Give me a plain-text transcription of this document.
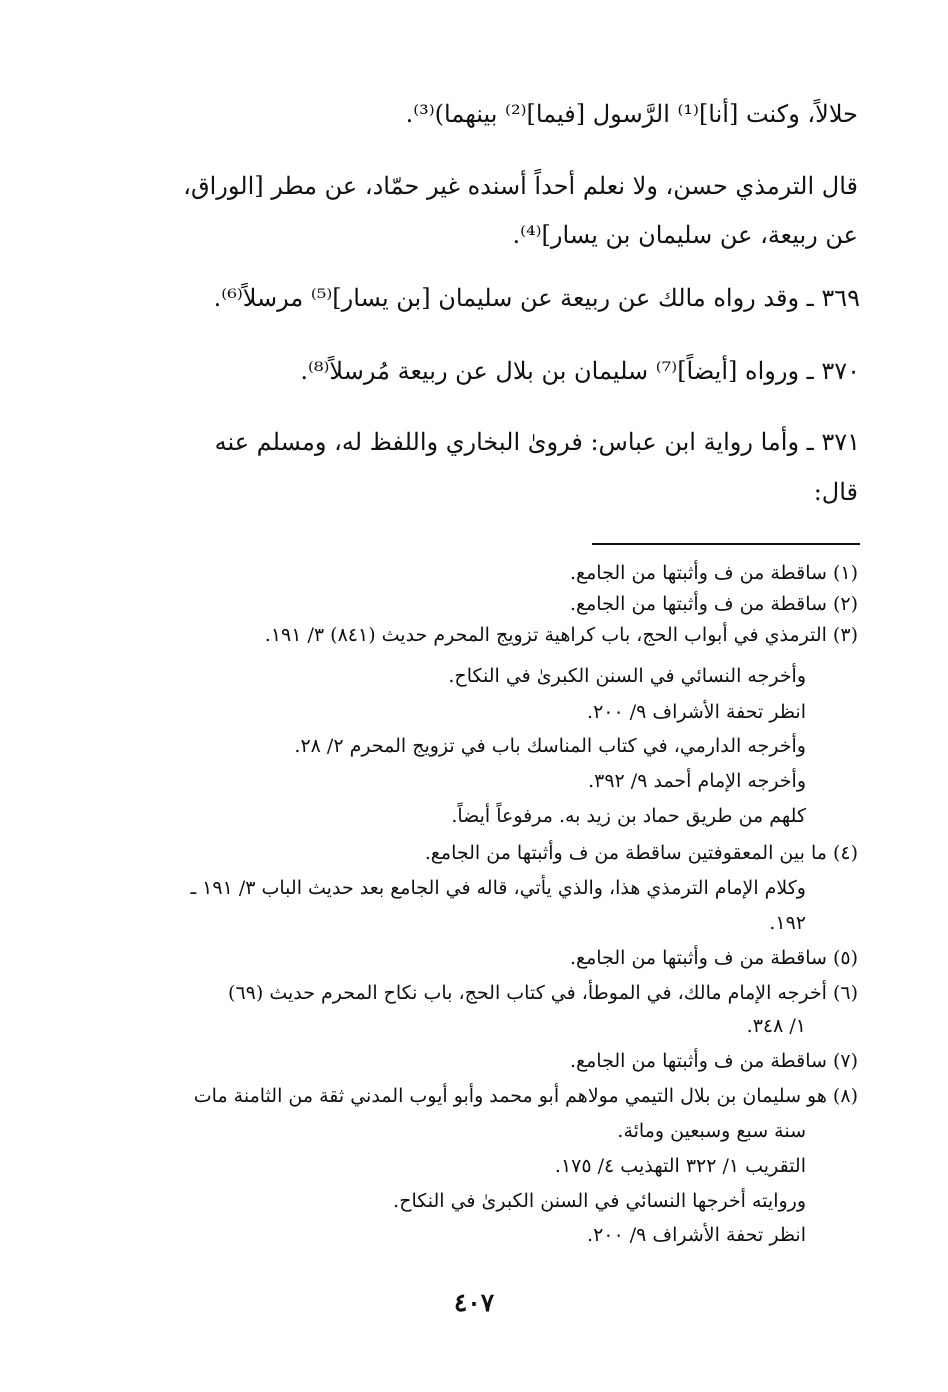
حلالاً، وكنت [أنا]⁽¹⁾ الرَّسول [فيما]⁽²⁾ بينهما)⁽³⁾.
قال الترمذي حسن، ولا نعلم أحداً أسنده غير حمّاد، عن مطر [الوراق،
عن ربيعة، عن سليمان بن يسار]⁽⁴⁾.
٣٦٩ ـ وقد رواه مالك عن ربيعة عن سليمان [بن يسار]⁽⁵⁾ مرسلاً⁽⁶⁾.
٣٧٠ ـ ورواه [أيضاً]⁽⁷⁾ سليمان بن بلال عن ربيعة مُرسلاً⁽⁸⁾.
٣٧١ ـ وأما رواية ابن عباس: فروىٰ البخاري واللفظ له، ومسلم عنه
قال:
(١) ساقطة من ف وأثبتها من الجامع.
(٢) ساقطة من ف وأثبتها من الجامع.
(٣) الترمذي في أبواب الحج، باب كراهية تزويج المحرم حديث (٨٤١) ٣/ ١٩١.
وأخرجه النسائي في السنن الكبرىٰ في النكاح.
انظر تحفة الأشراف ٩/ ٢٠٠.
وأخرجه الدارمي، في كتاب المناسك باب في تزويج المحرم ٢/ ٢٨.
وأخرجه الإمام أحمد ٩/ ٣٩٢.
كلهم من طريق حماد بن زيد به. مرفوعاً أيضاً.
(٤) ما بين المعقوفتين ساقطة من ف وأثبتها من الجامع.
وكلام الإمام الترمذي هذا، والذي يأتي، قاله في الجامع بعد حديث الباب ٣/ ١٩١ ـ
١٩٢.
(٥) ساقطة من ف وأثبتها من الجامع.
(٦) أخرجه الإمام مالك، في الموطأ، في كتاب الحج، باب نكاح المحرم حديث (٦٩)
١/ ٣٤٨.
(٧) ساقطة من ف وأثبتها من الجامع.
(٨) هو سليمان بن بلال التيمي مولاهم أبو محمد وأبو أيوب المدني ثقة من الثامنة مات
سنة سبع وسبعين ومائة.
التقريب ١/ ٣٢٢ التهذيب ٤/ ١٧٥.
وروايته أخرجها النسائي في السنن الكبرىٰ في النكاح.
انظر تحفة الأشراف ٩/ ٢٠٠.
٤٠٧
